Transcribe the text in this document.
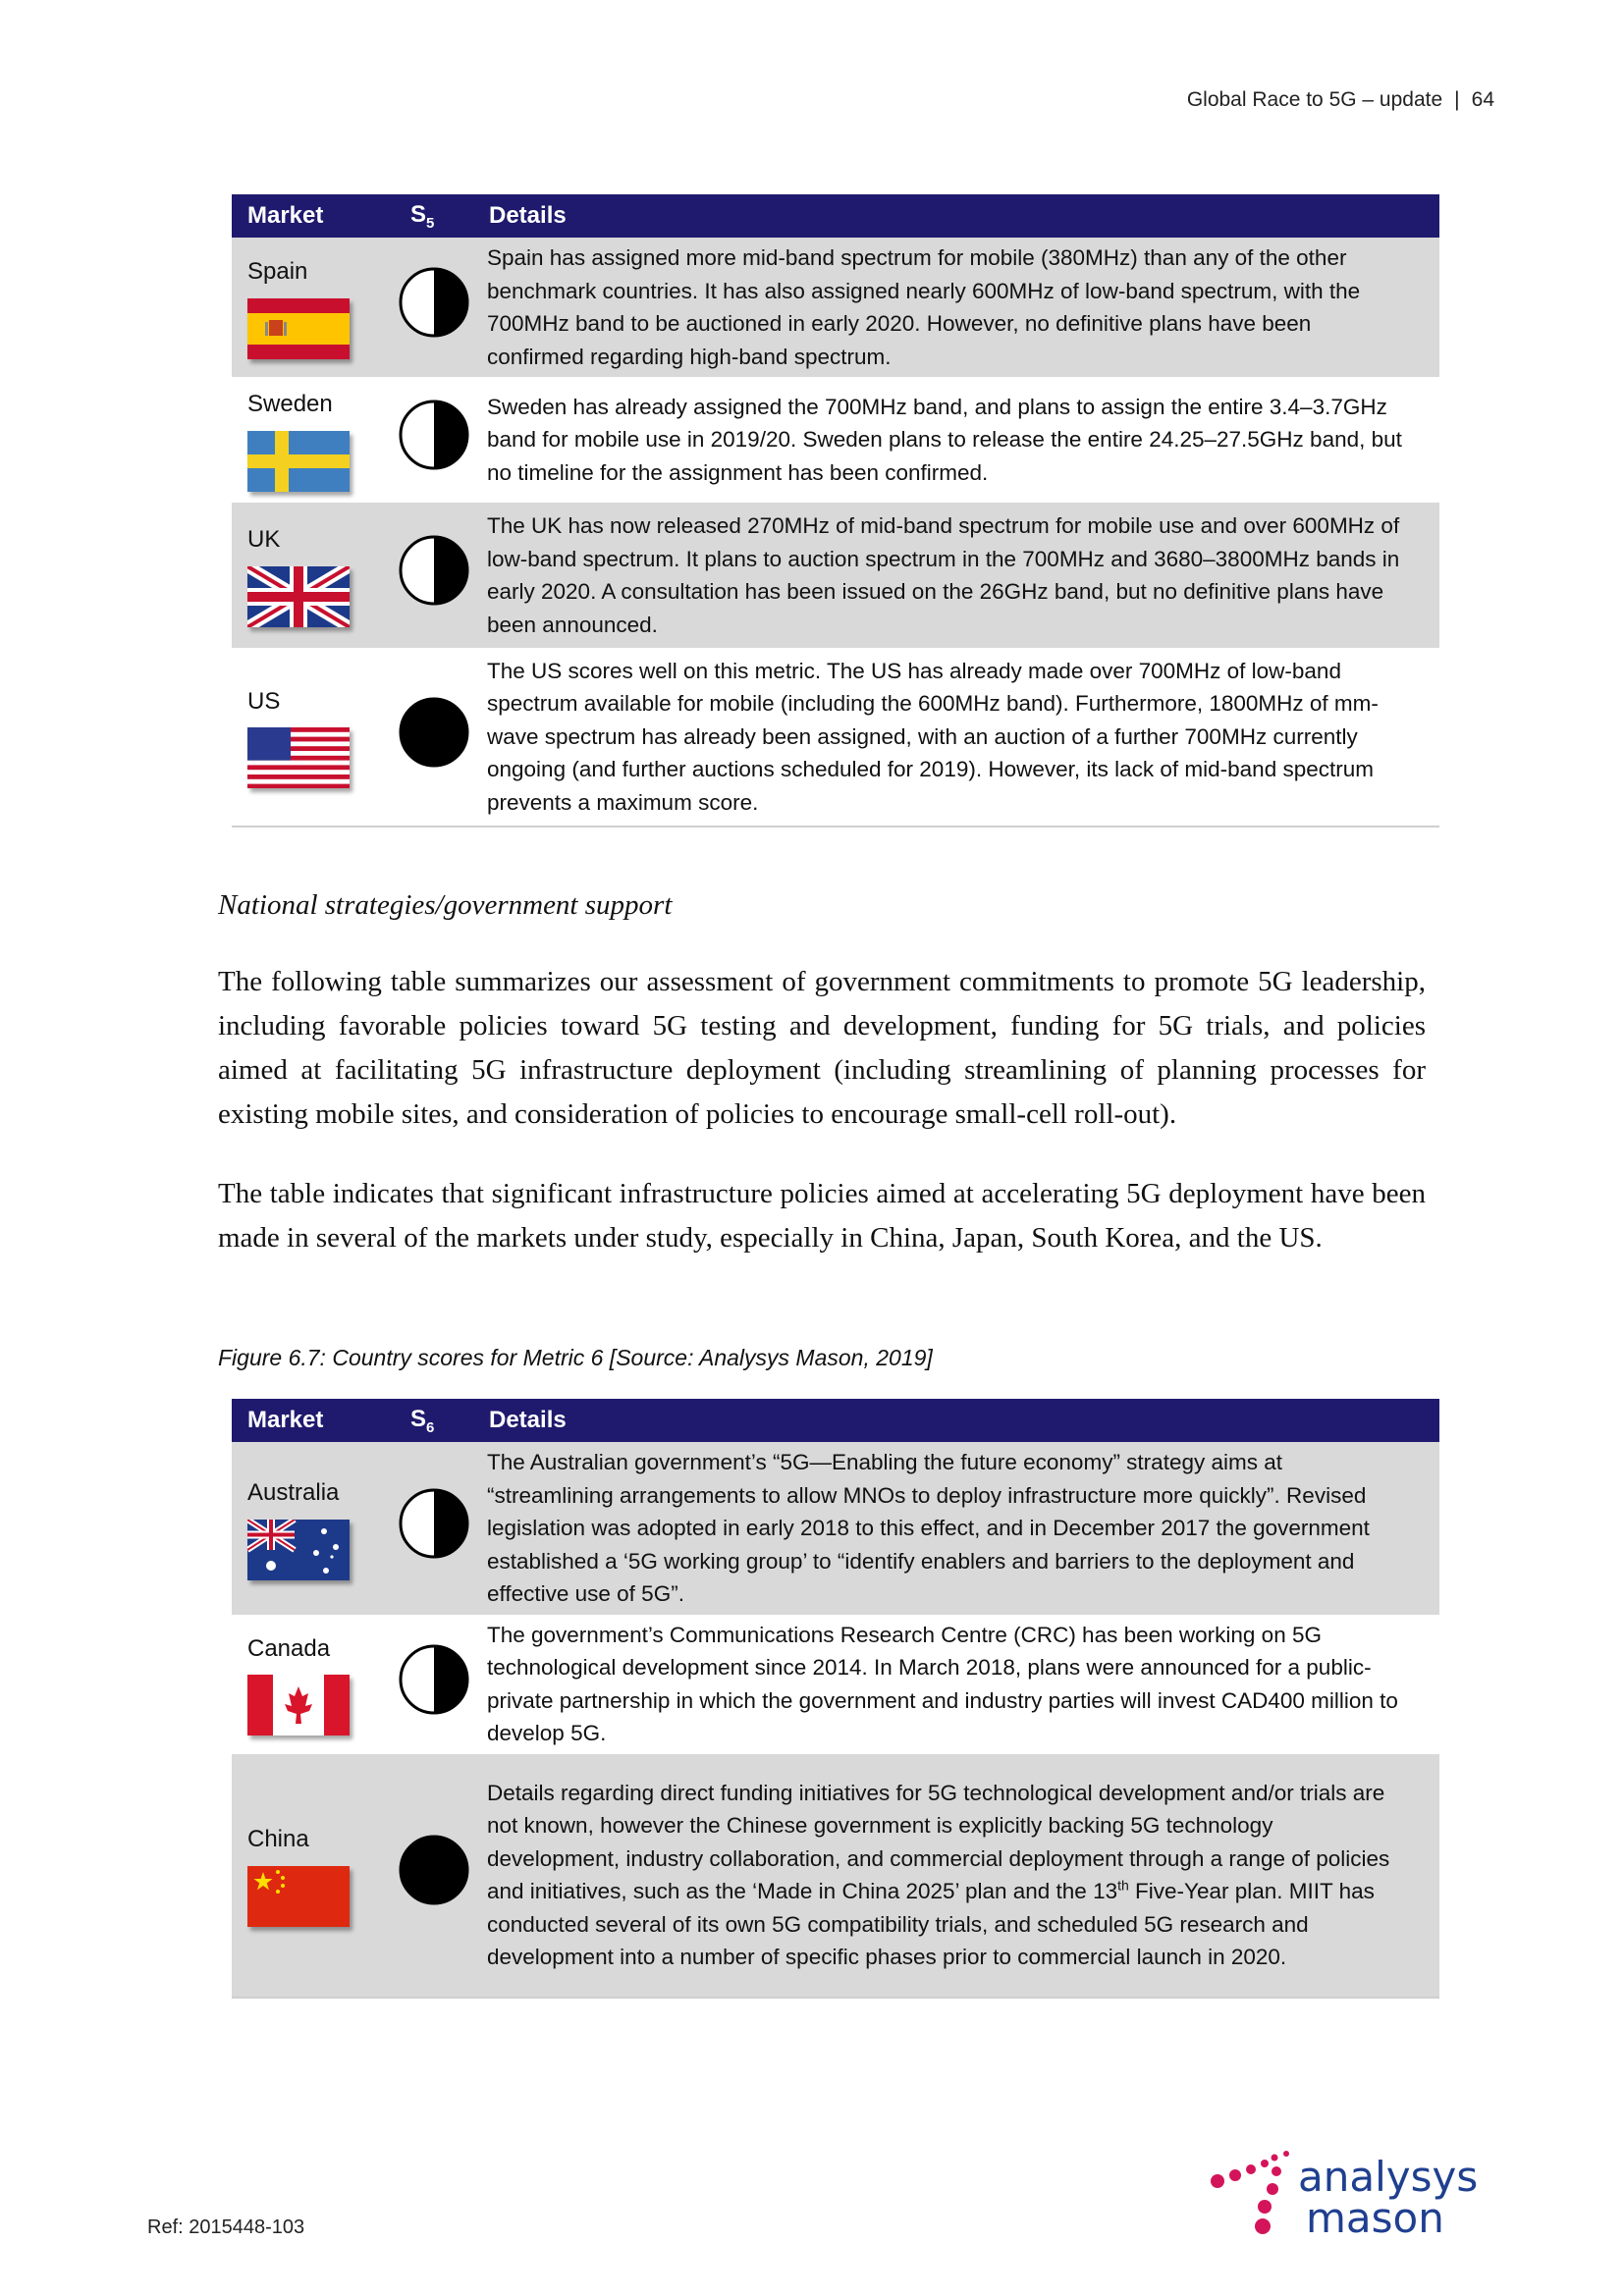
Global Race to 5G – update | 64
Market	$S_5$	Details

Spain		Spain has assigned more mid-band spectrum for mobile (380MHz) than any of the other benchmark countries. It has also assigned nearly 600MHz of low-band spectrum, with the 700MHz band to be auctioned in early 2020. However, no definitive plans have been confirmed regarding high-band spectrum.

Sweden		Sweden has already assigned the 700MHz band, and plans to assign the entire 3.4–3.7GHz band for mobile use in 2019/20. Sweden plans to release the entire 24.25–27.5GHz band, but no timeline for the assignment has been confirmed.

UK		The UK has now released 270MHz of mid-band spectrum for mobile use and over 600MHz of low-band spectrum. It plans to auction spectrum in the 700MHz and 3680–3800MHz bands in early 2020. A consultation has been issued on the 26GHz band, but no definitive plans have been announced.

US		The US scores well on this metric. The US has already made over 700MHz of low-band spectrum available for mobile (including the 600MHz band). Furthermore, 1800MHz of mm-wave spectrum has already been assigned, with an auction of a further 700MHz currently ongoing (and further auctions scheduled for 2019). However, its lack of mid-band spectrum prevents a maximum score.
National strategies/government support

The following table summarizes our assessment of government commitments to promote 5G leadership, including favorable policies toward 5G testing and development, funding for 5G trials, and policies aimed at facilitating 5G infrastructure deployment (including streamlining of planning processes for existing mobile sites, and consideration of policies to encourage small-cell roll-out).

The table indicates that significant infrastructure policies aimed at accelerating 5G deployment have been made in several of the markets under study, especially in China, Japan, South Korea, and the US.

Figure 6.7: Country scores for Metric 6 [Source: Analysys Mason, 2019]
Market	$S_6$	Details

Australia		The Australian government’s “5G—Enabling the future economy” strategy aims at “streamlining arrangements to allow MNOs to deploy infrastructure more quickly”. Revised legislation was adopted in early 2018 to this effect, and in December 2017 the government established a ‘5G working group’ to “identify enablers and barriers to the deployment and effective use of 5G”.

Canada		The government’s Communications Research Centre (CRC) has been working on 5G technological development since 2014. In March 2018, plans were announced for a public-private partnership in which the government and industry parties will invest CAD400 million to develop 5G.

China		Details regarding direct funding initiatives for 5G technological development and/or trials are not known, however the Chinese government is explicitly backing 5G technology development, industry collaboration, and commercial deployment through a range of policies and initiatives, such as the ‘Made in China 2025’ plan and the 13th Five-Year plan. MIIT has conducted several of its own 5G compatibility trials, and scheduled 5G research and development into a number of specific phases prior to commercial launch in 2020.
Ref: 2015448-103
analysys
mason
